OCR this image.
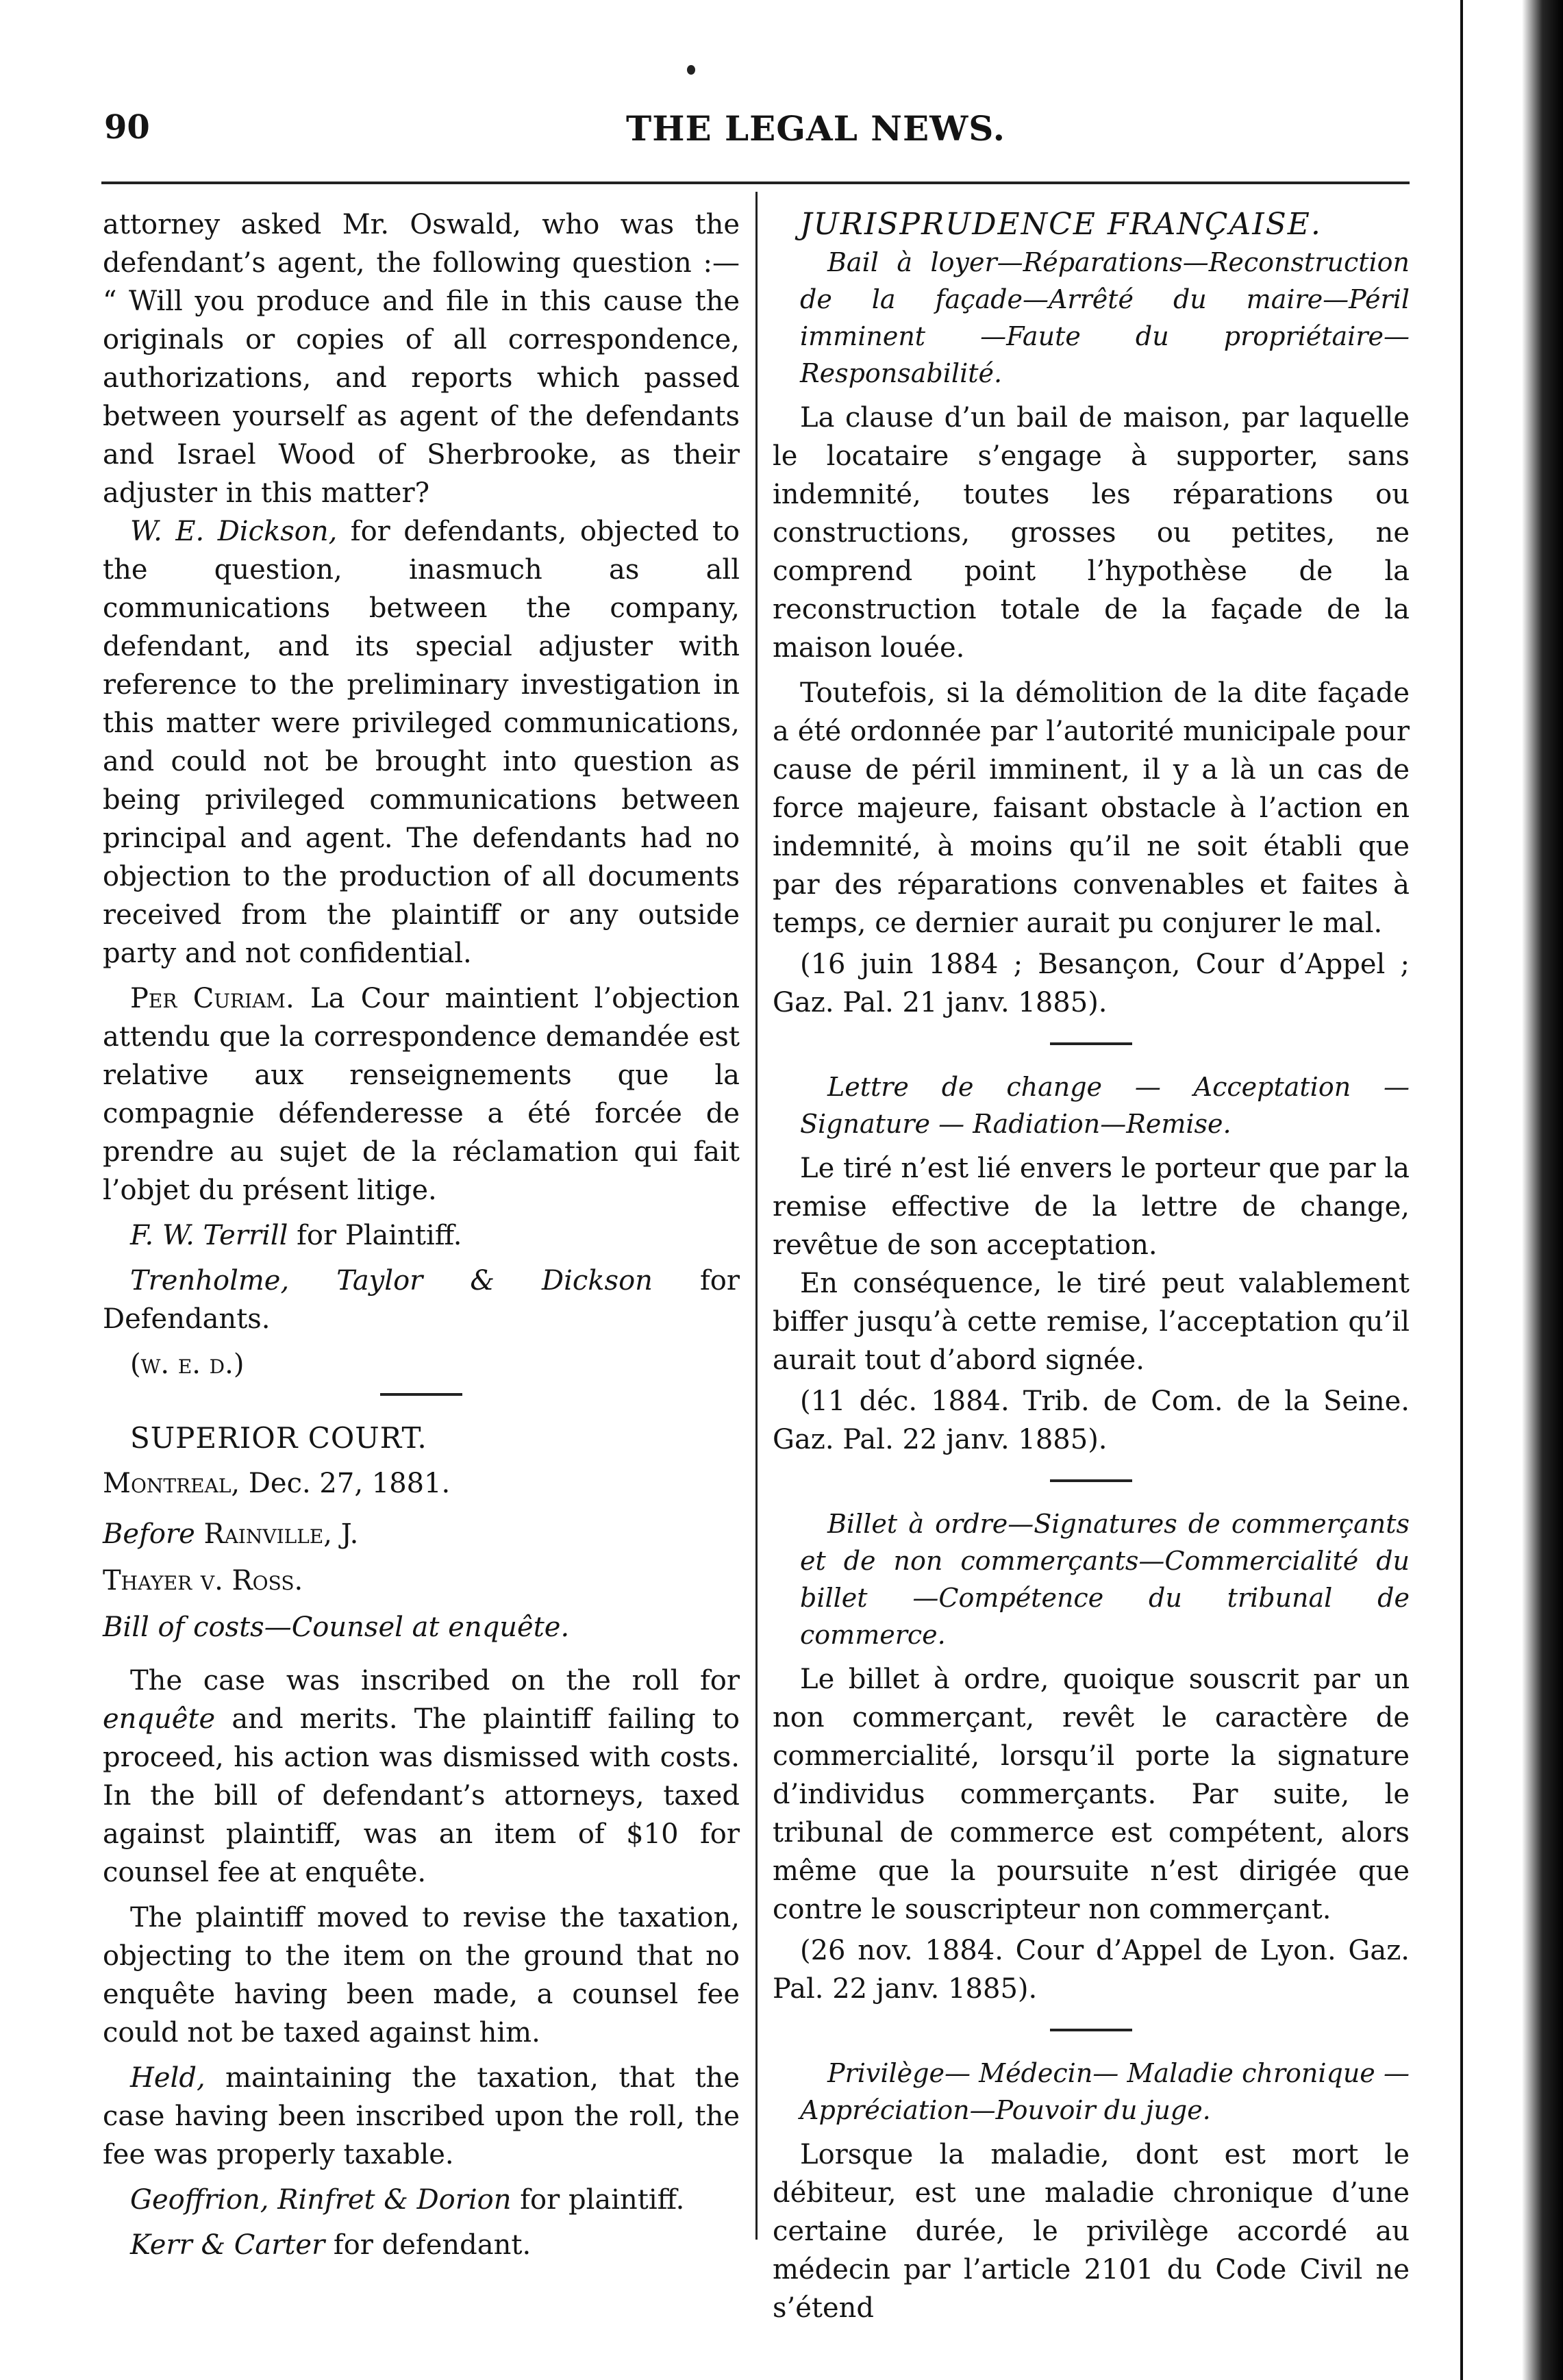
90	THE LEGAL NEWS.

attorney asked Mr. Oswald, who was the defendant’s agent, the following question :— “ Will you produce and file in this cause the originals or copies of all correspondence, authorizations, and reports which passed between yourself as agent of the defendants and Israel Wood of Sherbrooke, as their adjuster in this matter?

W. E. Dickson, for defendants, objected to the question, inasmuch as all communications between the company, defendant, and its special adjuster with reference to the preliminary investigation in this matter were privileged communications, and could not be brought into question as being privileged communications between principal and agent. The defendants had no objection to the production of all documents received from the plaintiff or any outside party and not confidential.

Per Curiam. La Cour maintient l’objection attendu que la correspondence demandée est relative aux renseignements que la compagnie défenderesse a été forcée de prendre au sujet de la réclamation qui fait l’objet du présent litige.

F. W. Terrill for Plaintiff.

Trenholme, Taylor & Dickson for Defendants.

(w. e. d.)

SUPERIOR COURT.

Montreal, Dec. 27, 1881.

Before Rainville, J.

Thayer v. Ross.

Bill of costs—Counsel at enquête.

The case was inscribed on the roll for enquête and merits. The plaintiff failing to proceed, his action was dismissed with costs. In the bill of defendant’s attorneys, taxed against plaintiff, was an item of $10 for counsel fee at enquête.

The plaintiff moved to revise the taxation, objecting to the item on the ground that no enquête having been made, a counsel fee could not be taxed against him.

Held, maintaining the taxation, that the case having been inscribed upon the roll, the fee was properly taxable.

Geoffrion, Rinfret & Dorion for plaintiff.

Kerr & Carter for defendant.

JURISPRUDENCE FRANÇAISE.

Bail à loyer—Réparations—Reconstruction de la façade—Arrêté du maire—Péril imminent —Faute du propriétaire—Responsabilité.

La clause d’un bail de maison, par laquelle le locataire s’engage à supporter, sans indemnité, toutes les réparations ou constructions, grosses ou petites, ne comprend point l’hypothèse de la reconstruction totale de la façade de la maison louée.

Toutefois, si la démolition de la dite façade a été ordonnée par l’autorité municipale pour cause de péril imminent, il y a là un cas de force majeure, faisant obstacle à l’action en indemnité, à moins qu’il ne soit établi que par des réparations convenables et faites à temps, ce dernier aurait pu conjurer le mal.

(16 juin 1884 ; Besançon, Cour d’Appel ; Gaz. Pal. 21 janv. 1885).

Lettre de change — Acceptation — Signature — Radiation—Remise.

Le tiré n’est lié envers le porteur que par la remise effective de la lettre de change, revêtue de son acceptation.

En conséquence, le tiré peut valablement biffer jusqu’à cette remise, l’acceptation qu’il aurait tout d’abord signée.

(11 déc. 1884. Trib. de Com. de la Seine. Gaz. Pal. 22 janv. 1885).

Billet à ordre—Signatures de commerçants et de non commerçants—Commercialité du billet —Compétence du tribunal de commerce.

Le billet à ordre, quoique souscrit par un non commerçant, revêt le caractère de commercialité, lorsqu’il porte la signature d’individus commerçants. Par suite, le tribunal de commerce est compétent, alors même que la poursuite n’est dirigée que contre le souscripteur non commerçant.

(26 nov. 1884. Cour d’Appel de Lyon. Gaz. Pal. 22 janv. 1885).

Privilège— Médecin— Maladie chronique —Appréciation—Pouvoir du juge.

Lorsque la maladie, dont est mort le débiteur, est une maladie chronique d’une certaine durée, le privilège accordé au médecin par l’article 2101 du Code Civil ne s’étend
